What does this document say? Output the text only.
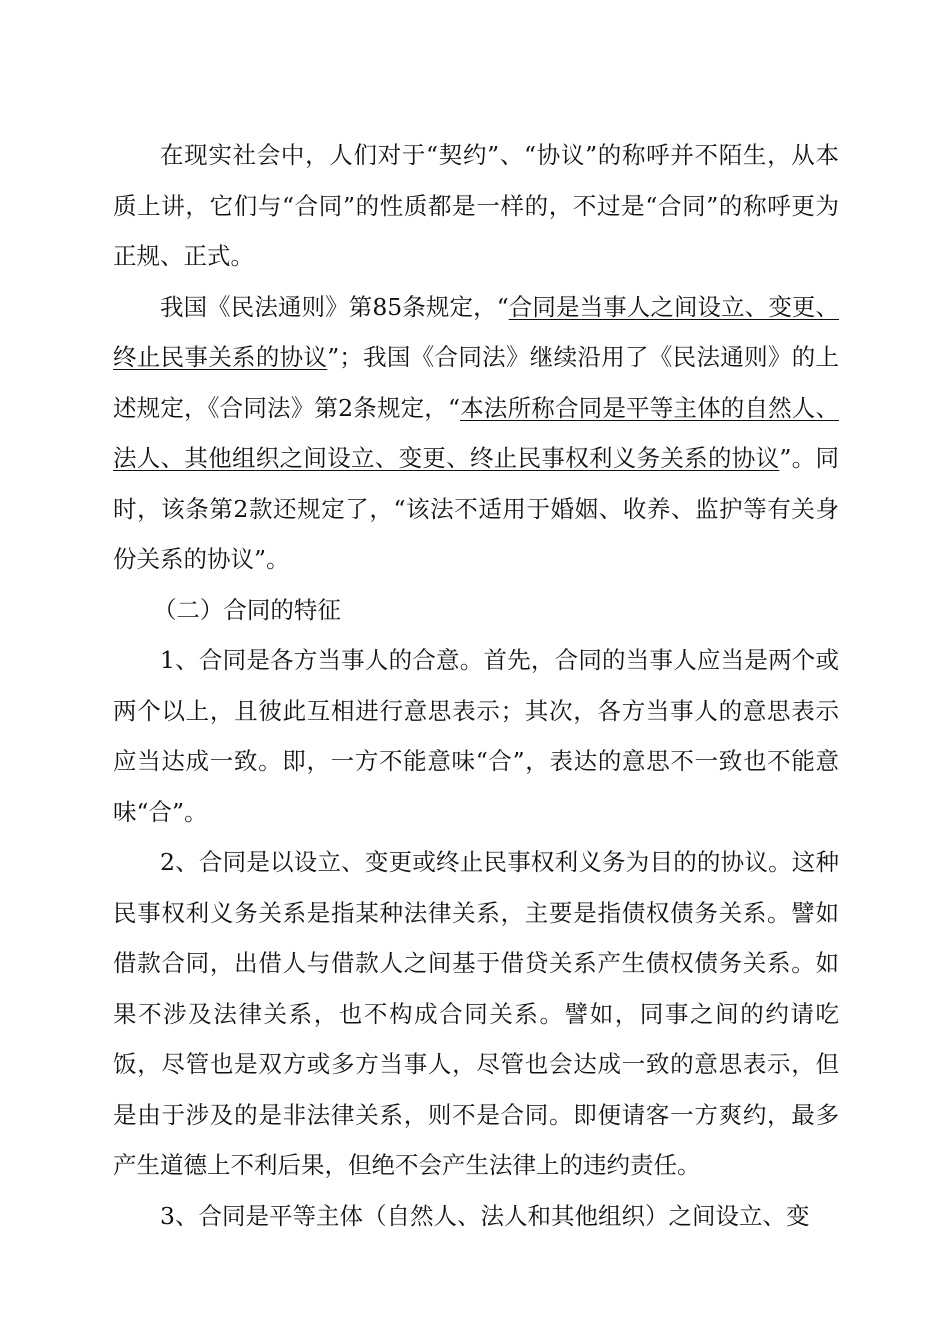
在现实社会中，人们对于“契约”、“协议”的称呼并不陌生，从本质上讲，它们与“合同”的性质都是一样的，不过是“合同”的称呼更为正规、正式。

我国《民法通则》第85条规定，“合同是当事人之间设立、变更、终止民事关系的协议”；我国《合同法》继续沿用了《民法通则》的上述规定，《合同法》第2条规定，“本法所称合同是平等主体的自然人、法人、其他组织之间设立、变更、终止民事权利义务关系的协议”。同时，该条第2款还规定了，“该法不适用于婚姻、收养、监护等有关身份关系的协议”。

（二）合同的特征

1、合同是各方当事人的合意。首先，合同的当事人应当是两个或两个以上，且彼此互相进行意思表示；其次，各方当事人的意思表示应当达成一致。即，一方不能意味“合”，表达的意思不一致也不能意味“合”。

2、合同是以设立、变更或终止民事权利义务为目的的协议。这种民事权利义务关系是指某种法律关系，主要是指债权债务关系。譬如借款合同，出借人与借款人之间基于借贷关系产生债权债务关系。如果不涉及法律关系，也不构成合同关系。譬如，同事之间的约请吃饭，尽管也是双方或多方当事人，尽管也会达成一致的意思表示，但是由于涉及的是非法律关系，则不是合同。即便请客一方爽约，最多产生道德上不利后果，但绝不会产生法律上的违约责任。

3、合同是平等主体（自然人、法人和其他组织）之间设立、变
